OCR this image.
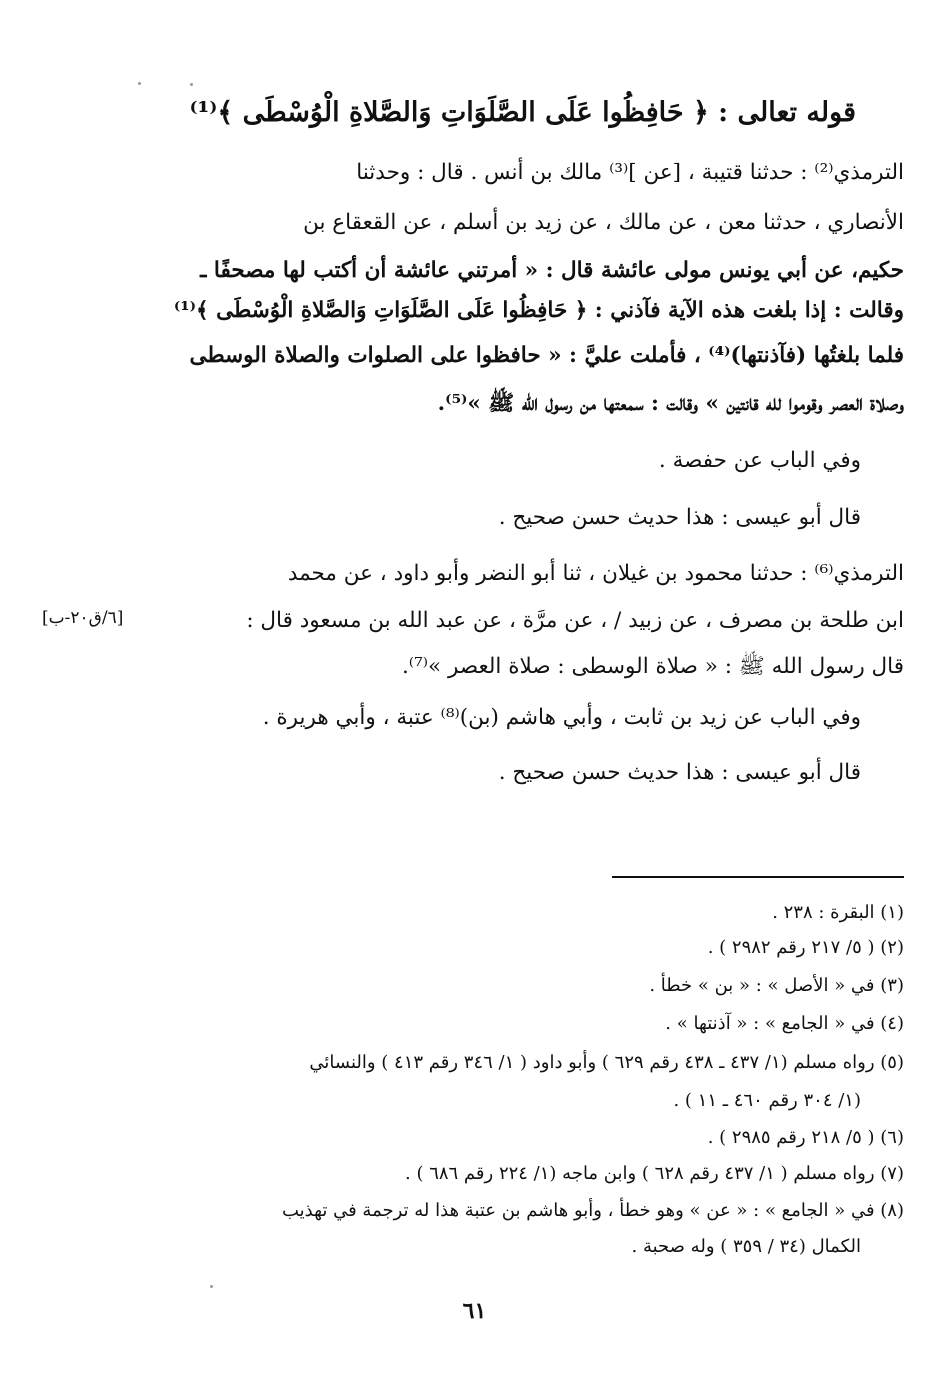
قوله تعالى : ﴿ حَافِظُوا عَلَى الصَّلَوَاتِ وَالصَّلاةِ الْوُسْطَى ﴾⁽¹⁾
الترمذي⁽²⁾ : حدثنا قتيبة ، [عن ]⁽³⁾ مالك بن أنس . قال : وحدثنا
الأنصاري ، حدثنا معن ، عن مالك ، عن زيد بن أسلم ، عن القعقاع بن
حكيم، عن أبي يونس مولى عائشة قال : « أمرتني عائشة أن أكتب لها مصحفًا ـ
وقالت : إذا بلغت هذه الآية فآذني : ﴿ حَافِظُوا عَلَى الصَّلَوَاتِ وَالصَّلاةِ الْوُسْطَى ﴾⁽¹⁾
فلما بلغتُها (فآذنتها)⁽⁴⁾ ، فأملت عليَّ : « حافظوا على الصلوات والصلاة الوسطى
وصلاة العصر وقوموا لله قانتين » وقالت : سمعتها من رسول الله ﷺ »⁽⁵⁾.
وفي الباب عن حفصة .
قال أبو عيسى : هذا حديث حسن صحيح .
الترمذي⁽⁶⁾ : حدثنا محمود بن غيلان ، ثنا أبو النضر وأبو داود ، عن محمد
ابن طلحة بن مصرف ، عن زبيد / ، عن مرَّة ، عن عبد الله بن مسعود قال :
[٦/ق٢٠-ب]
قال رسول الله ﷺ : « صلاة الوسطى : صلاة العصر »⁽⁷⁾.
وفي الباب عن زيد بن ثابت ، وأبي هاشم (بن)⁽⁸⁾ عتبة ، وأبي هريرة .
قال أبو عيسى : هذا حديث حسن صحيح .
(١) البقرة : ٢٣٨ .
(٢) ( ٥/ ٢١٧ رقم ٢٩٨٢ ) .
(٣) في « الأصل » : « بن » خطأ .
(٤) في « الجامع » : « آذنتها » .
(٥) رواه مسلم (١/ ٤٣٧ ـ ٤٣٨ رقم ٦٢٩ ) وأبو داود ( ١/ ٣٤٦ رقم ٤١٣ ) والنسائي
(١/ ٣٠٤ رقم ٤٦٠ ـ ١١ ) .
(٦) ( ٥/ ٢١٨ رقم ٢٩٨٥ ) .
(٧) رواه مسلم ( ١/ ٤٣٧ رقم ٦٢٨ ) وابن ماجه (١/ ٢٢٤ رقم ٦٨٦ ) .
(٨) في « الجامع » : « عن » وهو خطأ ، وأبو هاشم بن عتبة هذا له ترجمة في تهذيب
الكمال (٣٤ / ٣٥٩ ) وله صحبة .
٦١
